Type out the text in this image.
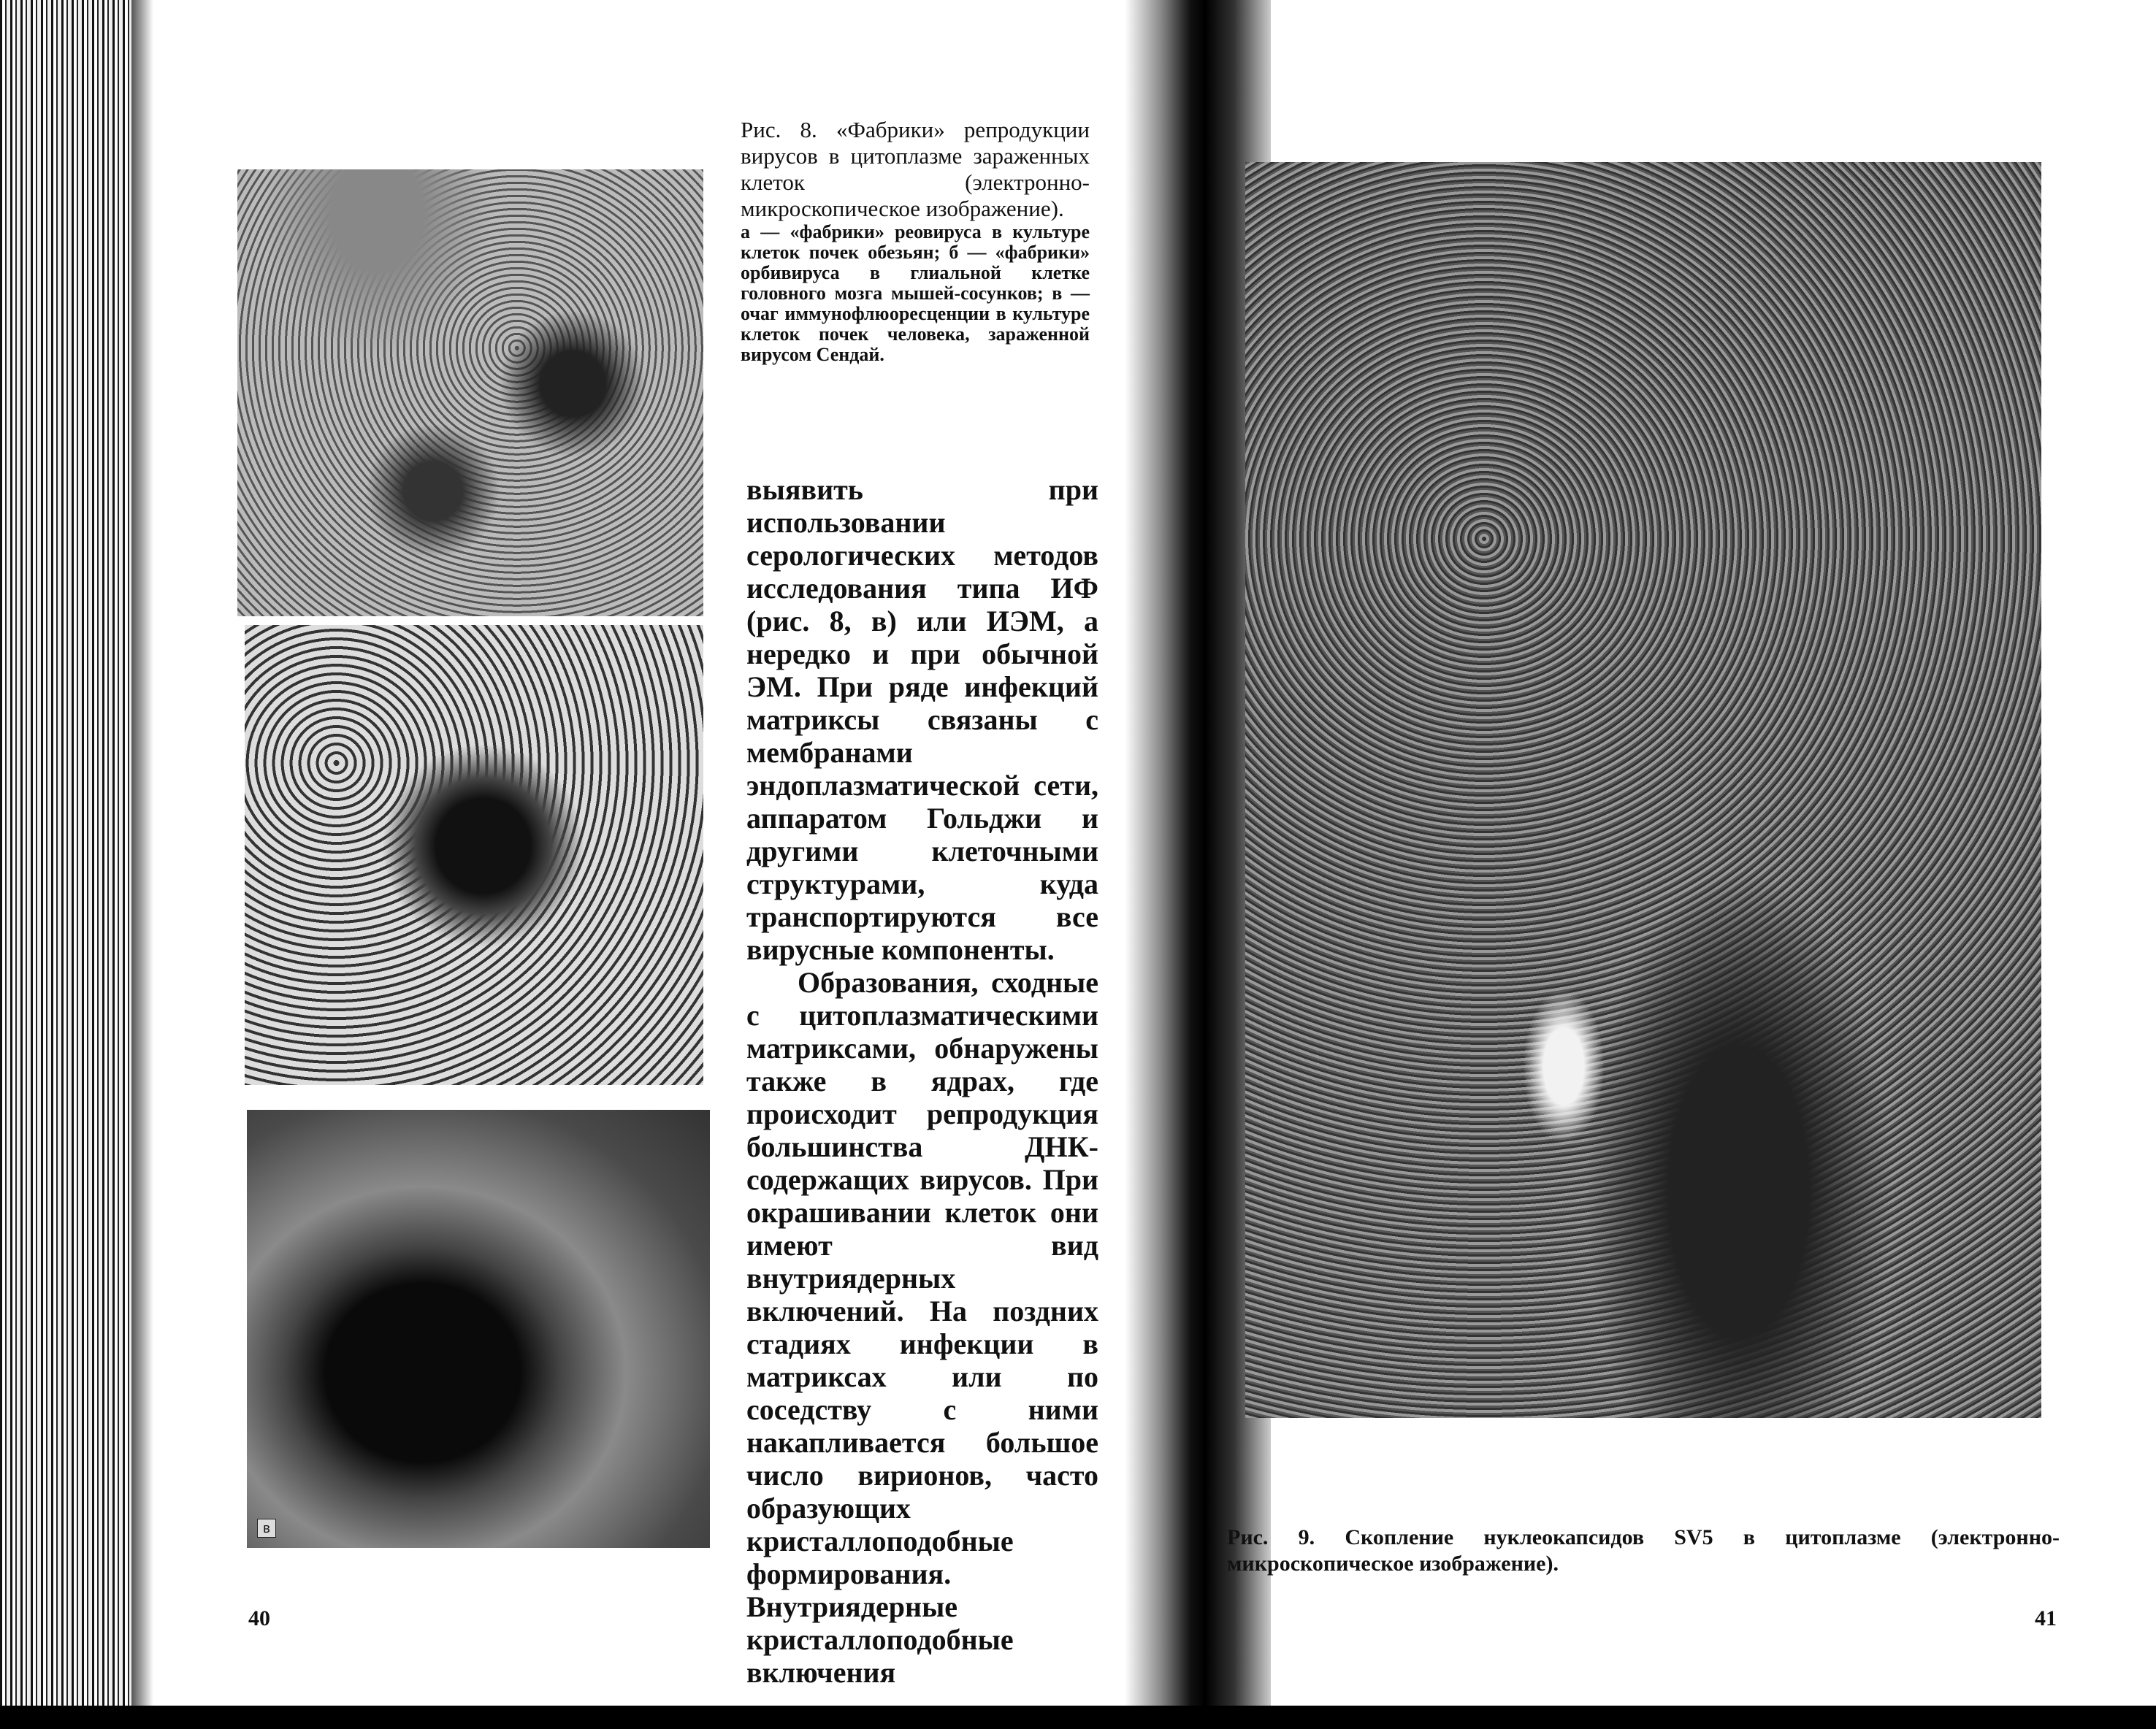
в

Рис. 8. «Фабрики» репродукции вирусов в цитоплазме зараженных клеток (электронно-микроскопическое изображение).

а — «фабрики» реовируса в культуре клеток почек обезьян; б — «фабрики» орбивируса в глиальной клетке головного мозга мышей-сосунков; в — очаг иммунофлюоресценции в культуре клеток почек человека, зараженной вирусом Сендай.

выявить при использовании серологических методов исследования типа ИФ (рис. 8, в) или ИЭМ, а нередко и при обычной ЭМ. При ряде инфекций матриксы связаны с мембранами эндоплазматической сети, аппаратом Гольджи и другими клеточными структурами, куда транспортируются все вирусные компоненты.

Образования, сходные с цитоплазматическими матриксами, обнаружены также в ядрах, где происходит репродукция большинства ДНК-содержащих вирусов. При окрашивании клеток они имеют вид внутриядерных включений. На поздних стадиях инфекции в матриксах или по соседству с ними накапливается большое число вирионов, часто образующих кристаллоподобные формирования. Внутриядерные кристаллоподобные включения

Рис. 9. Скопление нуклеокапсидов SV5 в цитоплазме (электронно-микроскопическое изображение).
40	41
